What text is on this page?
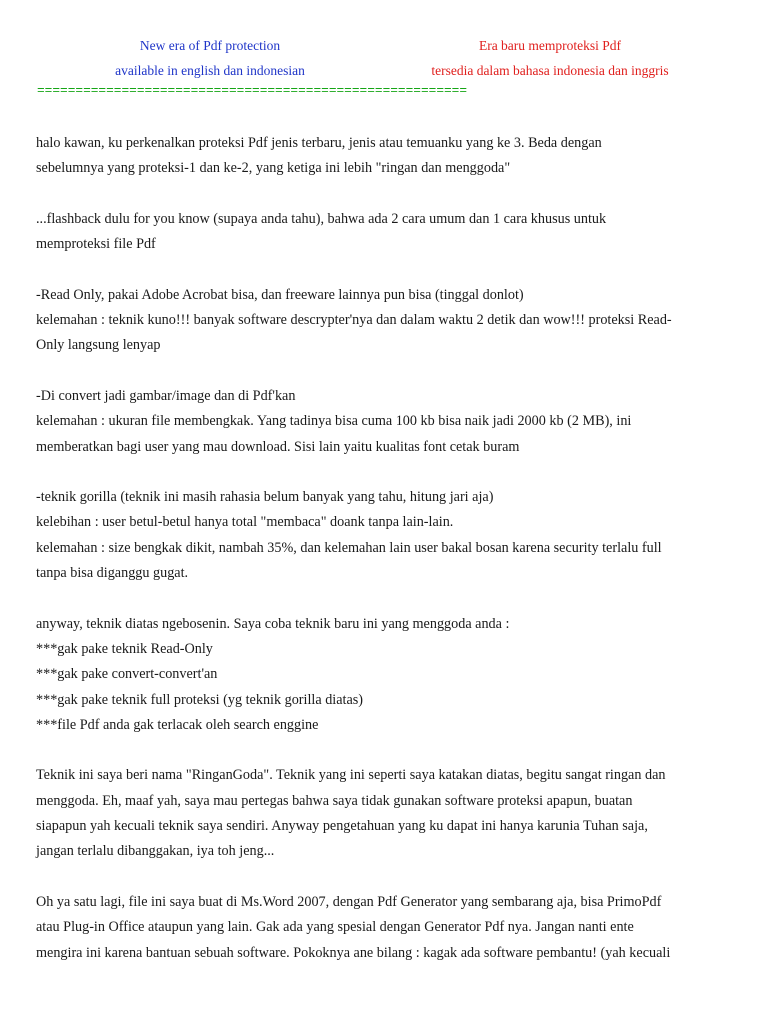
New era of Pdf protection
available in english dan indonesian
Era baru memproteksi Pdf
tersedia dalam bahasa indonesia dan inggris
========================================================

halo kawan, ku perkenalkan proteksi Pdf jenis terbaru, jenis atau temuanku yang ke 3. Beda dengan
sebelumnya yang proteksi-1 dan ke-2, yang ketiga ini lebih "ringan dan menggoda"

...flashback dulu for you know (supaya anda tahu), bahwa ada 2 cara umum dan 1 cara khusus untuk
memproteksi file Pdf

-Read Only, pakai Adobe Acrobat bisa, dan freeware lainnya pun bisa (tinggal donlot)
kelemahan : teknik kuno!!! banyak software descrypter'nya dan dalam waktu 2 detik dan wow!!! proteksi Read-
Only langsung lenyap

-Di convert jadi gambar/image dan di Pdf'kan
kelemahan : ukuran file membengkak. Yang tadinya bisa cuma 100 kb bisa naik jadi 2000 kb (2 MB), ini
memberatkan bagi user yang mau download. Sisi lain yaitu kualitas font cetak buram

-teknik gorilla (teknik ini masih rahasia belum banyak yang tahu, hitung jari aja)
kelebihan : user betul-betul hanya total "membaca" doank tanpa lain-lain.
kelemahan : size bengkak dikit, nambah 35%, dan kelemahan lain user bakal bosan karena security terlalu full
tanpa bisa diganggu gugat.

anyway, teknik diatas ngebosenin. Saya coba teknik baru ini yang menggoda anda :
***gak pake teknik Read-Only
***gak pake convert-convert'an
***gak pake teknik full proteksi (yg teknik gorilla diatas)
***file Pdf anda gak terlacak oleh search enggine

Teknik ini saya beri nama "RinganGoda". Teknik yang ini seperti saya katakan diatas, begitu sangat ringan dan
menggoda. Eh, maaf yah, saya mau pertegas bahwa saya tidak gunakan software proteksi apapun, buatan
siapapun yah kecuali teknik saya sendiri. Anyway pengetahuan yang ku dapat ini hanya karunia Tuhan saja,
jangan terlalu dibanggakan, iya toh jeng...

Oh ya satu lagi, file ini saya buat di Ms.Word 2007, dengan Pdf Generator yang sembarang aja, bisa PrimoPdf
atau Plug-in Office ataupun yang lain. Gak ada yang spesial dengan Generator Pdf nya. Jangan nanti ente
mengira ini karena bantuan sebuah software. Pokoknya ane bilang : kagak ada software pembantu! (yah kecuali
